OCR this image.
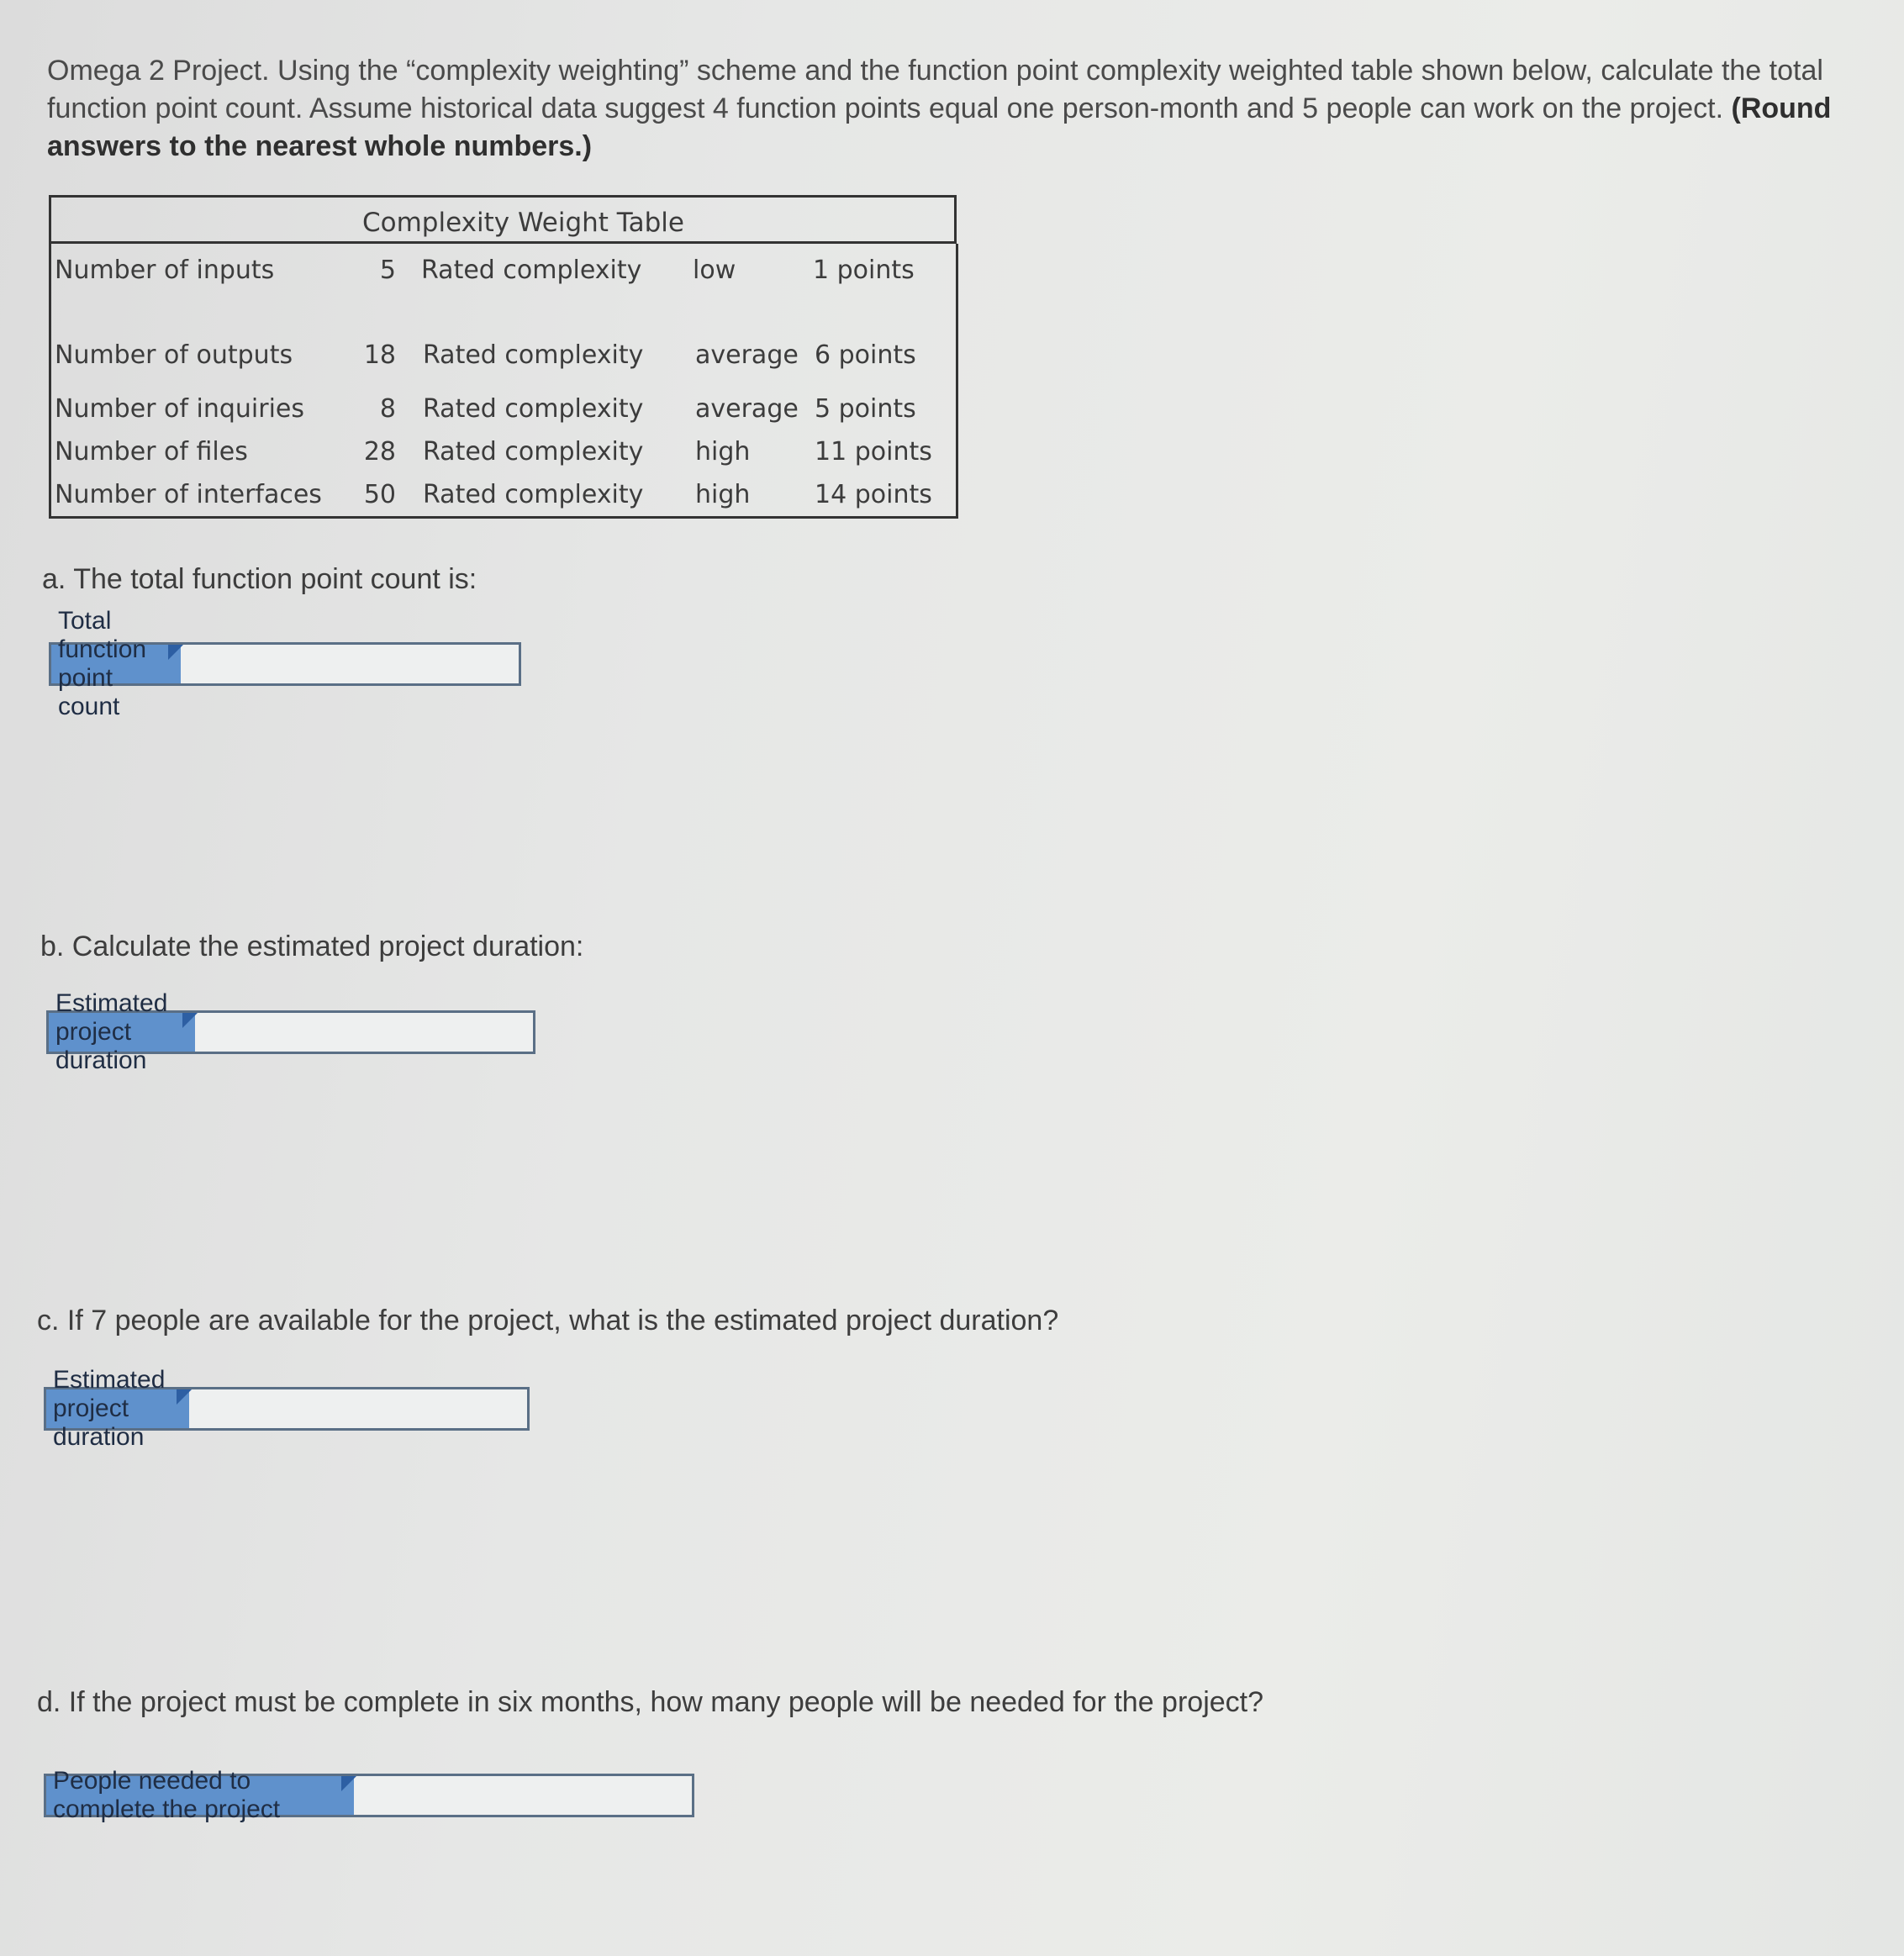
Omega 2 Project. Using the “complexity weighting” scheme and the function point complexity weighted table shown below, calculate the total function point count. Assume historical data suggest 4 function points equal one person-month and 5 people can work on the project. (Round answers to the nearest whole numbers.)
Complexity Weight Table
Number of inputs	5 Rated complexity low	1 points
Number of outputs	18 Rated complexity average 6 points
Number of inquiries	8 Rated complexity average 5 points
Number of files	28 Rated complexity high	11 points
Number of interfaces	50 Rated complexity high	14 points
a. The total function point count is:
Total function point count
b. Calculate the estimated project duration:
Estimated project duration
c. If 7 people are available for the project, what is the estimated project duration?
Estimated project duration
d. If the project must be complete in six months, how many people will be needed for the project?
People needed to complete the project
